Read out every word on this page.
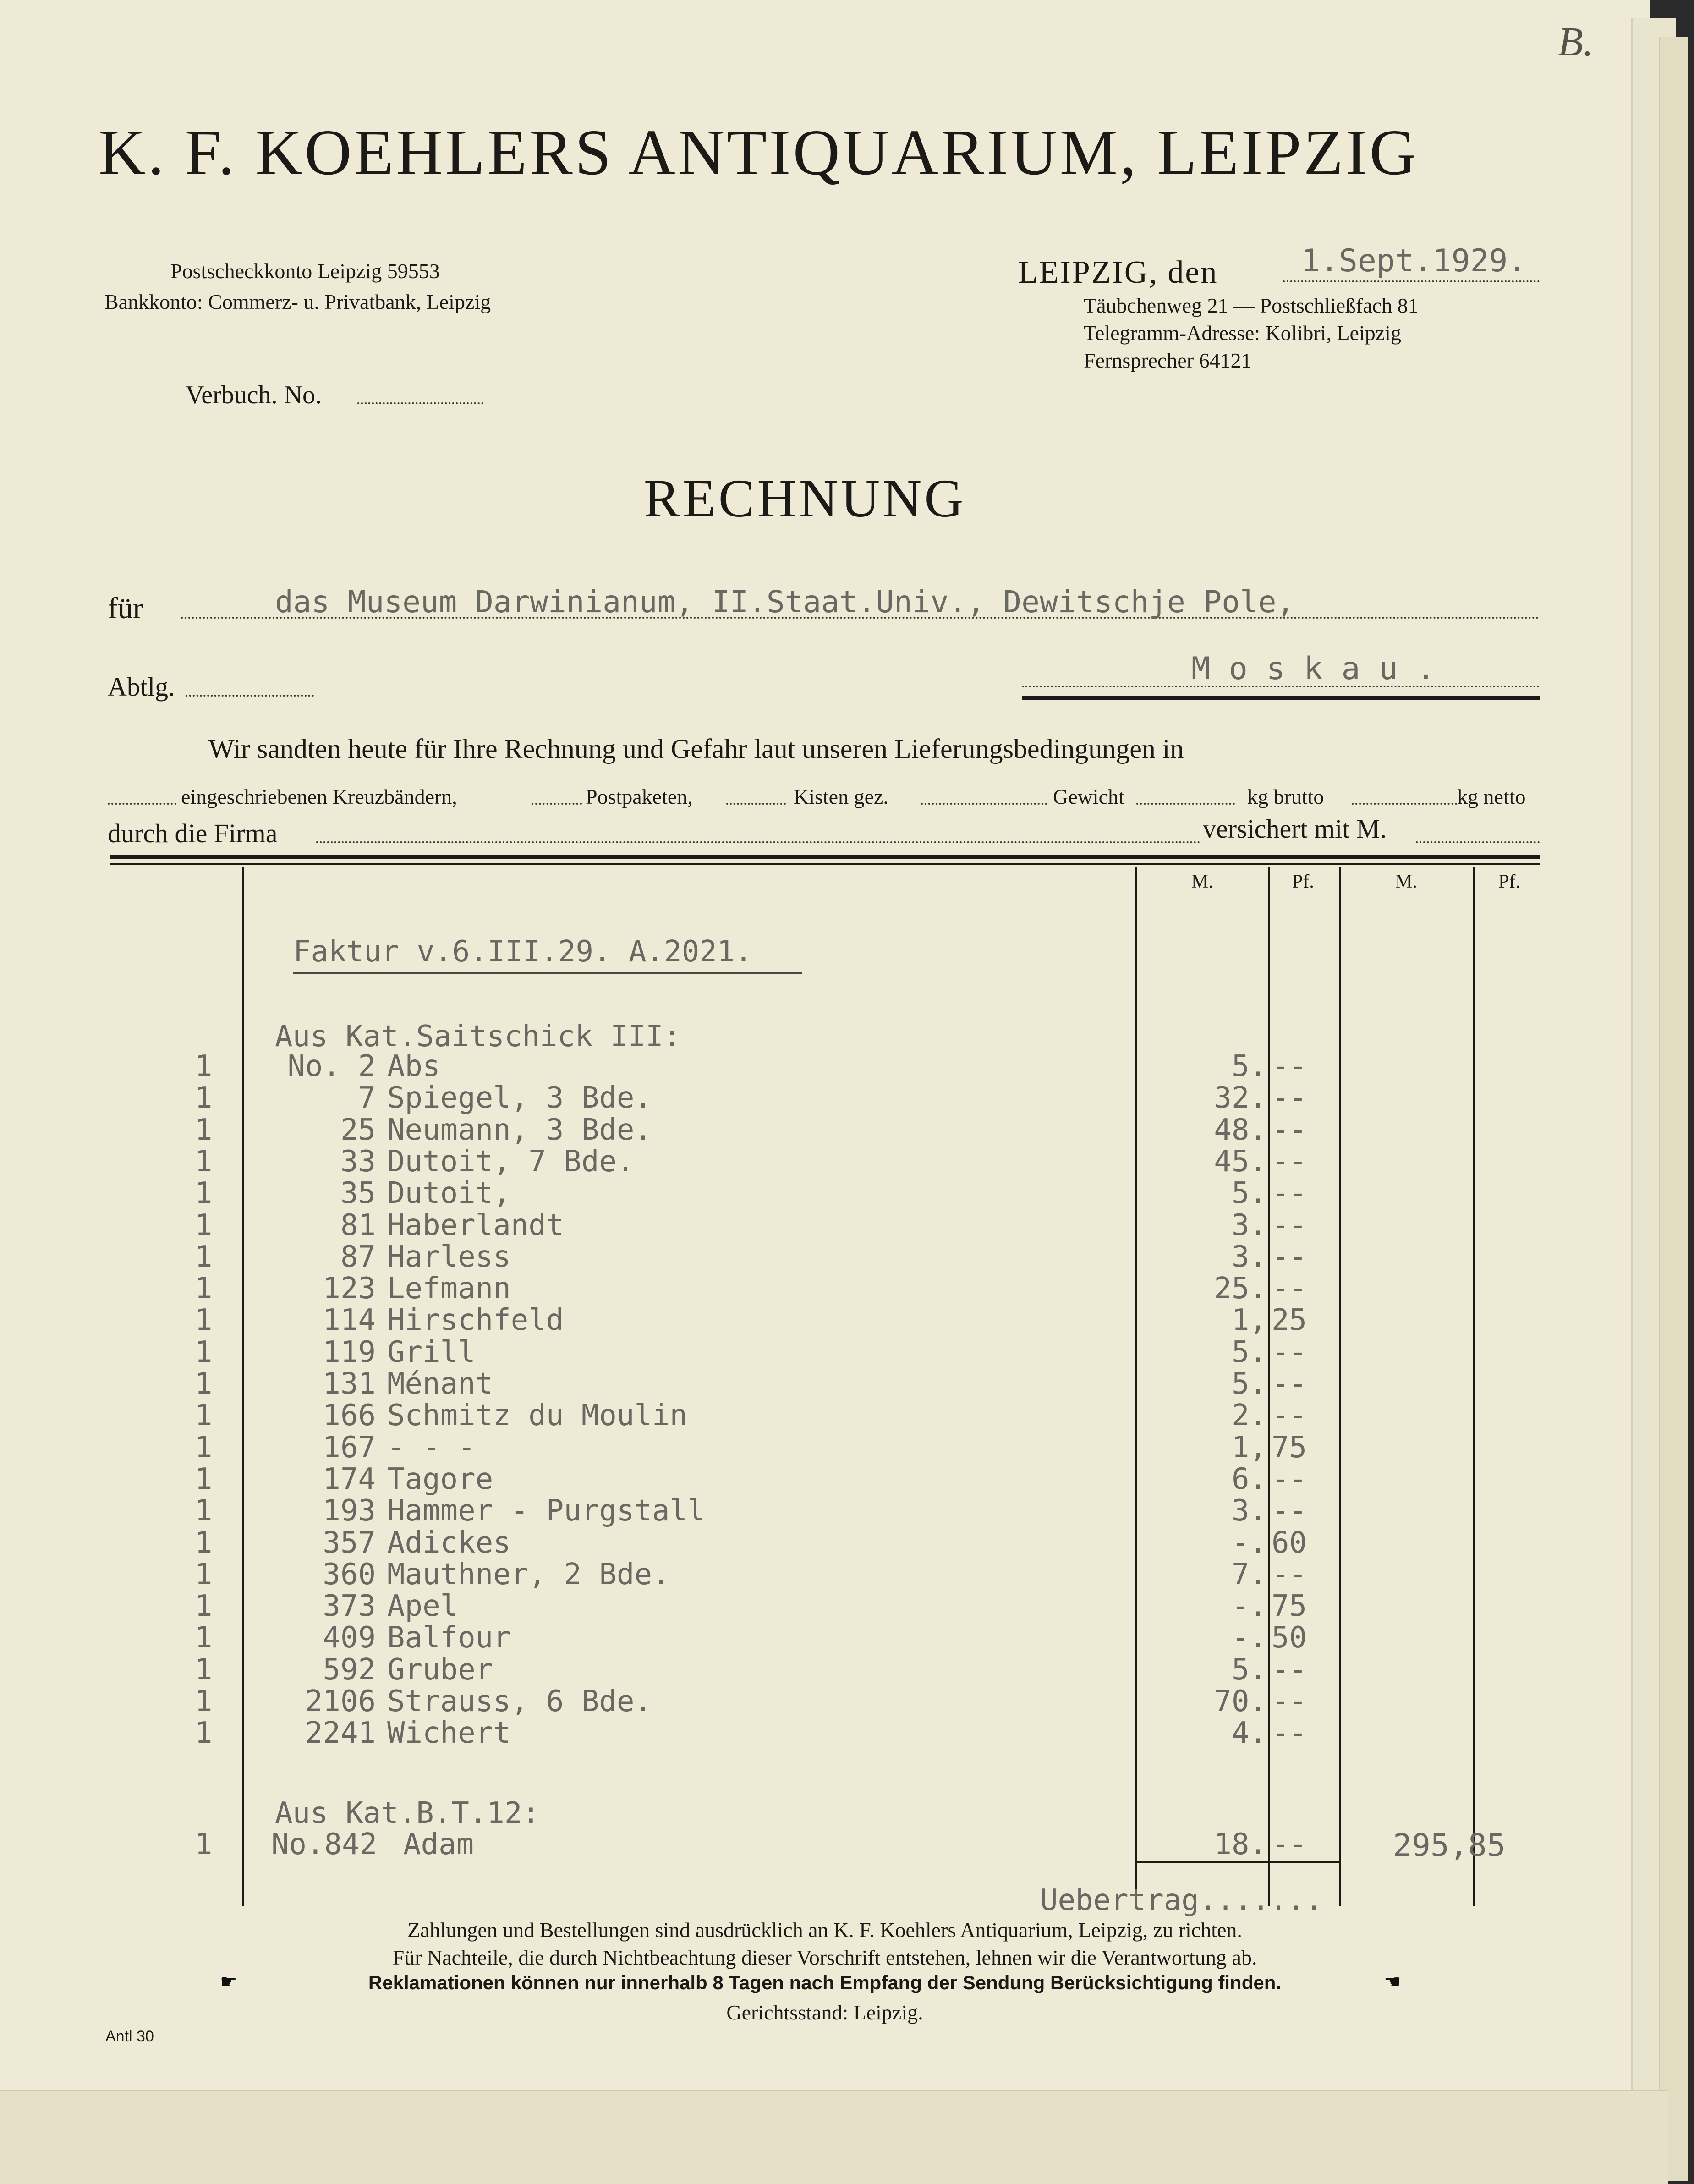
B.
K. F. KOEHLERS ANTIQUARIUM, LEIPZIG
Postscheckkonto Leipzig 59553
Bankkonto: Commerz- u. Privatbank, Leipzig
LEIPZIG, den	1.Sept.1929.
Täubchenweg 21 — Postschließfach 81
Telegramm-Adresse: Kolibri, Leipzig
Fernsprecher 64121
Verbuch. No.
RECHNUNG
für	das Museum Darwinianum, II.Staat.Univ., Dewitschje Pole,
Abtlg.	M o s k a u .
Wir sandten heute für Ihre Rechnung und Gefahr laut unseren Lieferungsbedingungen in
eingeschriebenen Kreuzbändern,	Postpaketen,	Kisten gez.	Gewicht	kg brutto	kg netto
durch die Firma	versichert mit M.
M.	Pf.	M.	Pf.
Faktur v.6.III.29. A.2021.
Aus Kat.Saitschick III:
1	No. 2 Abs	5. --
1	7 Spiegel, 3 Bde.	32. --
1	25 Neumann, 3 Bde.	48. --
1	33 Dutoit, 7 Bde.	45. --
1	35 Dutoit,	5. --
1	81 Haberlandt	3. --
1	87 Harless	3. --
1	123 Lefmann	25. --
1	114 Hirschfeld	1, 25
1	119 Grill	5. --
1	131 Ménant	5. --
1	166 Schmitz du Moulin	2. --
1	167 - - -	1, 75
1	174 Tagore	6. --
1	193 Hammer - Purgstall	3. --
1	357 Adickes	-. 60
1	360 Mauthner, 2 Bde.	7. --
1	373 Apel	-. 75
1	409 Balfour	-. 50
1	592 Gruber	5. --
1	2106 Strauss, 6 Bde.	70. --
1	2241 Wichert	4. --
Aus Kat.B.T.12:
1 No.842 Adam	18. --	295,85
Uebertrag.......
Zahlungen und Bestellungen sind ausdrücklich an K. F. Koehlers Antiquarium, Leipzig, zu richten.
Für Nachteile, die durch Nichtbeachtung dieser Vorschrift entstehen, lehnen wir die Verantwortung ab.
☛	Reklamationen können nur innerhalb 8 Tagen nach Empfang der Sendung Berücksichtigung finden.	☚
Gerichtsstand: Leipzig.
Antl 30
